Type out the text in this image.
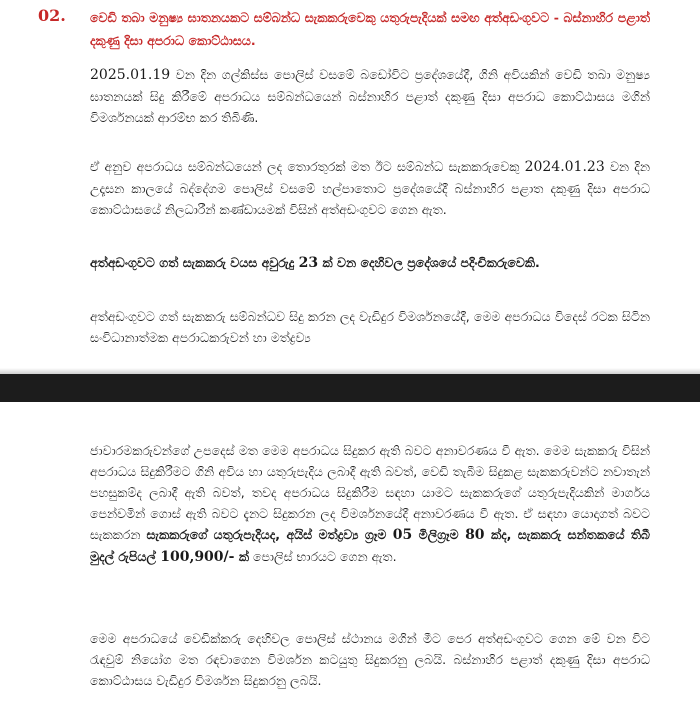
02. වෙඩි තබා මනුෂ්‍ය ඝාතනයකට සම්බන්ධ සැකකරුවෙකු යතුරුපැදියක් සමඟ අත්අඩංගුවට - බස්නාහිර පළාත් දකුණු දිසා අපරාධ කොට්ඨාසය.
2025.01.19 වන දින ගල්කිස්ස පොලිස් වසමේ බඩෝවිට ප්‍රදේශයේදී, ගිනි අවියකින් වෙඩි තබා මනුෂ්‍ය ඝාතනයක් සිදු කිරීමේ අපරාධය සම්බන්ධයෙන් බස්නාහිර පළාත් දකුණු දිසා අපරාධ කොට්ඨාසය මගින් විමර්ශනයක් ආරම්භ කර තිබිණි.
ඒ අනුව අපරාධය සම්බන්ධයෙන් ලද තොරතුරක් මත ඊට සම්බන්ධ සැකකරුවෙකු 2024.01.23 වන දින උදෑසන කාලයේ බද්දේගම පොලිස් වසමේ හල්පාතොට ප්‍රදේශයේදී බස්නාහිර පළාත දකුණු දිසා අපරාධ කොට්ඨාසයේ නිලධාරීන් කණ්ඩායමක් විසින් අත්අඩංගුවට ගෙන ඇත.
අත්අඩංගුවට ගත් සැකකරු වයස අවුරුදු 23 ක් වන දෙහිවල ප්‍රදේශයේ පදිංචිකරුවෙකි.
අත්අඩංගුවට ගත් සැකකරු සම්බන්ධව සිදු කරන ලද වැඩිදුර විමර්ශනයේදී, මෙම අපරාධය විදෙස් රටක සිටින සංවිධානාත්මක අපරාධකරුවන් හා මත්ද්‍රව්‍ය
ජාවාරමකරුවන්ගේ උපදෙස් මත මෙම අපරාධය සිදුකර ඇති බවට අනාවරණය වී ඇත. මෙම සැකකරු විසින් අපරාධය සිදුකිරීමට ගිනි අවිය හා යතුරුපැදිය ලබාදී ඇති බවත්, වෙඩි තැබීම සිදුකළ සැකකරුවන්ට නවාතැන් පහසුකම්ද ලබාදී ඇති බවත්, තවද අපරාධය සිදුකිරීම සඳහා යාමට සැකකරුගේ යතුරුපැදියකින් මාර්ගය පෙන්වමින් ගොස් ඇති බවට දැනට සිදුකරන ලද විමර්ශනයේදී අනාවරණය වී ඇත. ඒ සඳහා යොදාගත් බවට සැකකරන සැකකරුගේ යතුරුපැදියද, අයිස් මත්ද්‍රව්‍ය ග්‍රෑම 05 මිලිග්‍රෑම 80 ක්ද, සැකකරු සන්තකයේ තිබී මුදල් රුපියල් 100,900/- ක් පොලිස් භාරයට ගෙන ඇත.
මෙම අපරාධයේ වෙඩික්කරු දෙහිවල පොලිස් ස්ථානය මගින් මීට පෙර අත්අඩංගුවට ගෙන මේ වන විට රැඳවුම් නියෝග මත රඳවාගෙන විමර්ශන කටයුතු සිදුකරනු ලබයි. බස්නාහිර පළාත් දකුණු දිසා අපරාධ කොට්ඨාසය වැඩිදුර විමර්ශන සිදුකරනු ලබයි.
